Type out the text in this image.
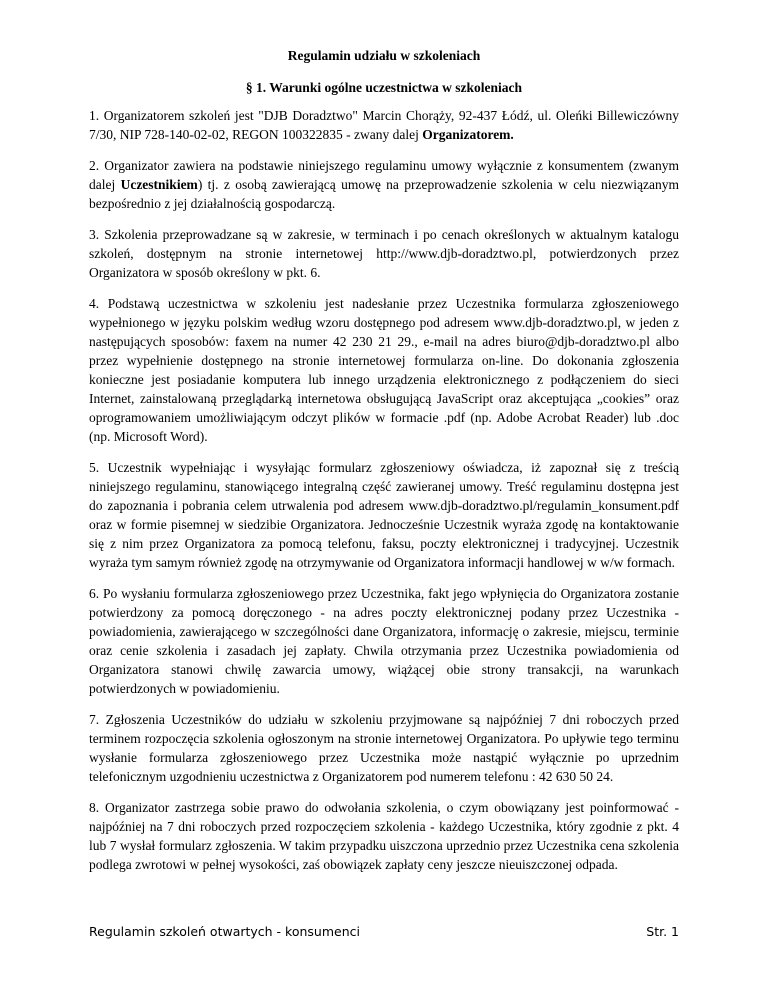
Regulamin udziału w szkoleniach
§ 1. Warunki ogólne uczestnictwa w szkoleniach

1. Organizatorem szkoleń jest "DJB Doradztwo" Marcin Chorąży, 92-437 Łódź, ul. Oleńki Billewiczówny 7/30, NIP 728-140-02-02, REGON 100322835 - zwany dalej Organizatorem.

2. Organizator zawiera na podstawie niniejszego regulaminu umowy wyłącznie z konsumentem (zwanym dalej Uczestnikiem) tj. z osobą zawierającą umowę na przeprowadzenie szkolenia w celu niezwiązanym bezpośrednio z jej działalnością gospodarczą.

3. Szkolenia przeprowadzane są w zakresie, w terminach i po cenach określonych w aktualnym katalogu szkoleń, dostępnym na stronie internetowej http://www.djb-doradztwo.pl, potwierdzonych przez Organizatora w sposób określony w pkt. 6.

4. Podstawą uczestnictwa w szkoleniu jest nadesłanie przez Uczestnika formularza zgłoszeniowego wypełnionego w języku polskim według wzoru dostępnego pod adresem www.djb-doradztwo.pl, w jeden z następujących sposobów: faxem na numer 42 230 21 29., e-mail na adres biuro@djb-doradztwo.pl albo przez wypełnienie dostępnego na stronie internetowej formularza on-line. Do dokonania zgłoszenia konieczne jest posiadanie komputera lub innego urządzenia elektronicznego z podłączeniem do sieci Internet, zainstalowaną przeglądarką internetowa obsługującą JavaScript oraz akceptująca „cookies” oraz oprogramowaniem umożliwiającym odczyt plików w formacie .pdf (np. Adobe Acrobat Reader) lub .doc (np. Microsoft Word).

5. Uczestnik wypełniając i wysyłając formularz zgłoszeniowy oświadcza, iż zapoznał się z treścią niniejszego regulaminu, stanowiącego integralną część zawieranej umowy. Treść regulaminu dostępna jest do zapoznania i pobrania celem utrwalenia pod adresem www.djb-doradztwo.pl/regulamin_konsument.pdf oraz w formie pisemnej w siedzibie Organizatora. Jednocześnie Uczestnik wyraża zgodę na kontaktowanie się z nim przez Organizatora za pomocą telefonu, faksu, poczty elektronicznej i tradycyjnej. Uczestnik wyraża tym samym również zgodę na otrzymywanie od Organizatora informacji handlowej w w/w formach.

6. Po wysłaniu formularza zgłoszeniowego przez Uczestnika, fakt jego wpłynięcia do Organizatora zostanie potwierdzony za pomocą doręczonego - na adres poczty elektronicznej podany przez Uczestnika - powiadomienia, zawierającego w szczególności dane Organizatora, informację o zakresie, miejscu, terminie oraz cenie szkolenia i zasadach jej zapłaty. Chwila otrzymania przez Uczestnika powiadomienia od Organizatora stanowi chwilę zawarcia umowy, wiążącej obie strony transakcji, na warunkach potwierdzonych w powiadomieniu.

7. Zgłoszenia Uczestników do udziału w szkoleniu przyjmowane są najpóźniej 7 dni roboczych przed terminem rozpoczęcia szkolenia ogłoszonym na stronie internetowej Organizatora. Po upływie tego terminu wysłanie formularza zgłoszeniowego przez Uczestnika może nastąpić wyłącznie po uprzednim telefonicznym uzgodnieniu uczestnictwa z Organizatorem pod numerem telefonu : 42 630 50 24.

8. Organizator zastrzega sobie prawo do odwołania szkolenia, o czym obowiązany jest poinformować - najpóźniej na 7 dni roboczych przed rozpoczęciem szkolenia - każdego Uczestnika, który zgodnie z pkt. 4 lub 7 wysłał formularz zgłoszenia. W takim przypadku uiszczona uprzednio przez Uczestnika cena szkolenia podlega zwrotowi w pełnej wysokości, zaś obowiązek zapłaty ceny jeszcze nieuiszczonej odpada.

Regulamin szkoleń otwartych - konsumenci	Str. 1
